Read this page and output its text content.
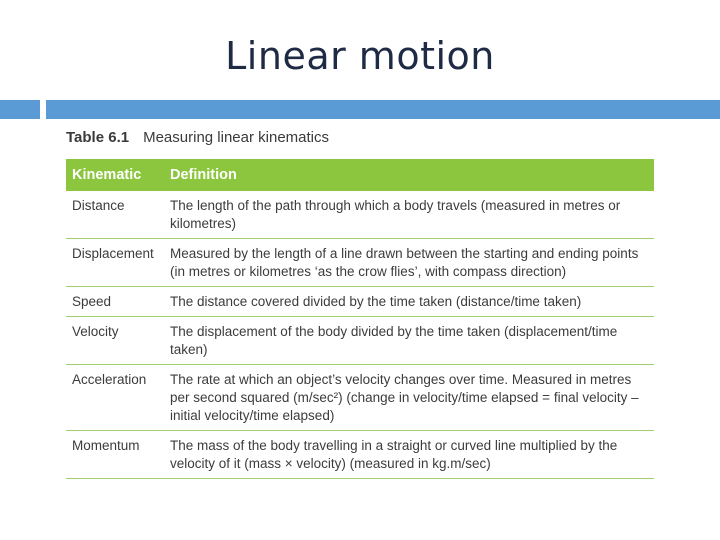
Linear motion
Table 6.1 Measuring linear kinematics
Kinematic	Definition
Distance	The length of the path through which a body travels (measured in metres or kilometres)
Displacement	Measured by the length of a line drawn between the starting and ending points (in metres or kilometres ‘as the crow flies’, with compass direction)
Speed	The distance covered divided by the time taken (distance/time taken)
Velocity	The displacement of the body divided by the time taken (displacement/time taken)
Acceleration	The rate at which an object’s velocity changes over time. Measured in metres per second squared (m/sec²) (change in velocity/time elapsed = final velocity – initial velocity/time elapsed)
Momentum	The mass of the body travelling in a straight or curved line multiplied by the velocity of it (mass × velocity) (measured in kg.m/sec)
